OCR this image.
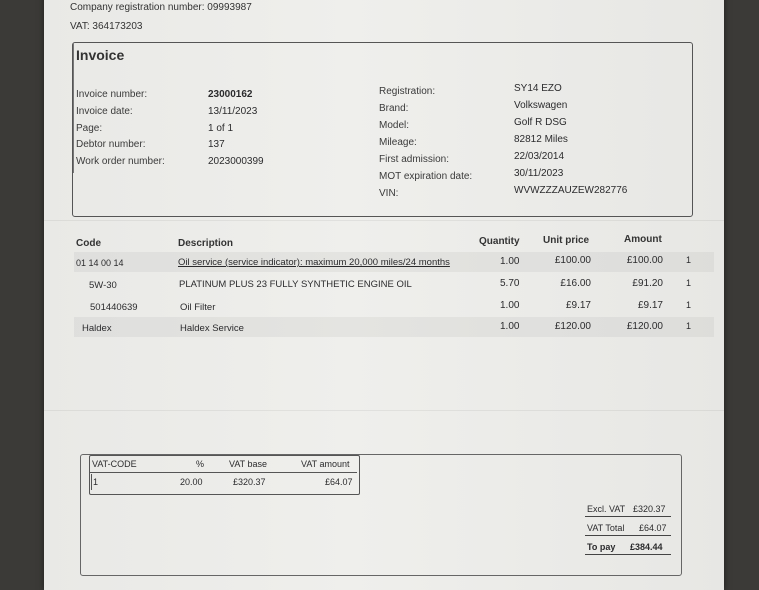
Company registration number: 09993987
VAT: 364173203
Invoice
Invoice number:	23000162
Invoice date:	13/11/2023
Page:	1 of 1
Debtor number:	137
Work order number:	2023000399
Registration:	SY14 EZO
Brand:	Volkswagen
Model:	Golf R DSG
Mileage:	82812 Miles
First admission:	22/03/2014
MOT expiration date:	30/11/2023
VIN:	WVWZZZAUZEW282776
Code	Description	Quantity Unit price	Amount
01 14 00 14	Oil service (service indicator): maximum 20,000 miles/24 months	1.00	£100.00	£100.00	1
5W-30	PLATINUM PLUS 23 FULLY SYNTHETIC ENGINE OIL	5.70	£16.00	£91.20	1
501440639	Oil Filter	1.00	£9.17	£9.17	1
Haldex	Haldex Service	1.00	£120.00	£120.00	1
VAT-CODE	%	VAT base	VAT amount
1	20.00	£320.37	£64.07
Excl. VAT £320.37
VAT Total £64.07
To pay £384.44
